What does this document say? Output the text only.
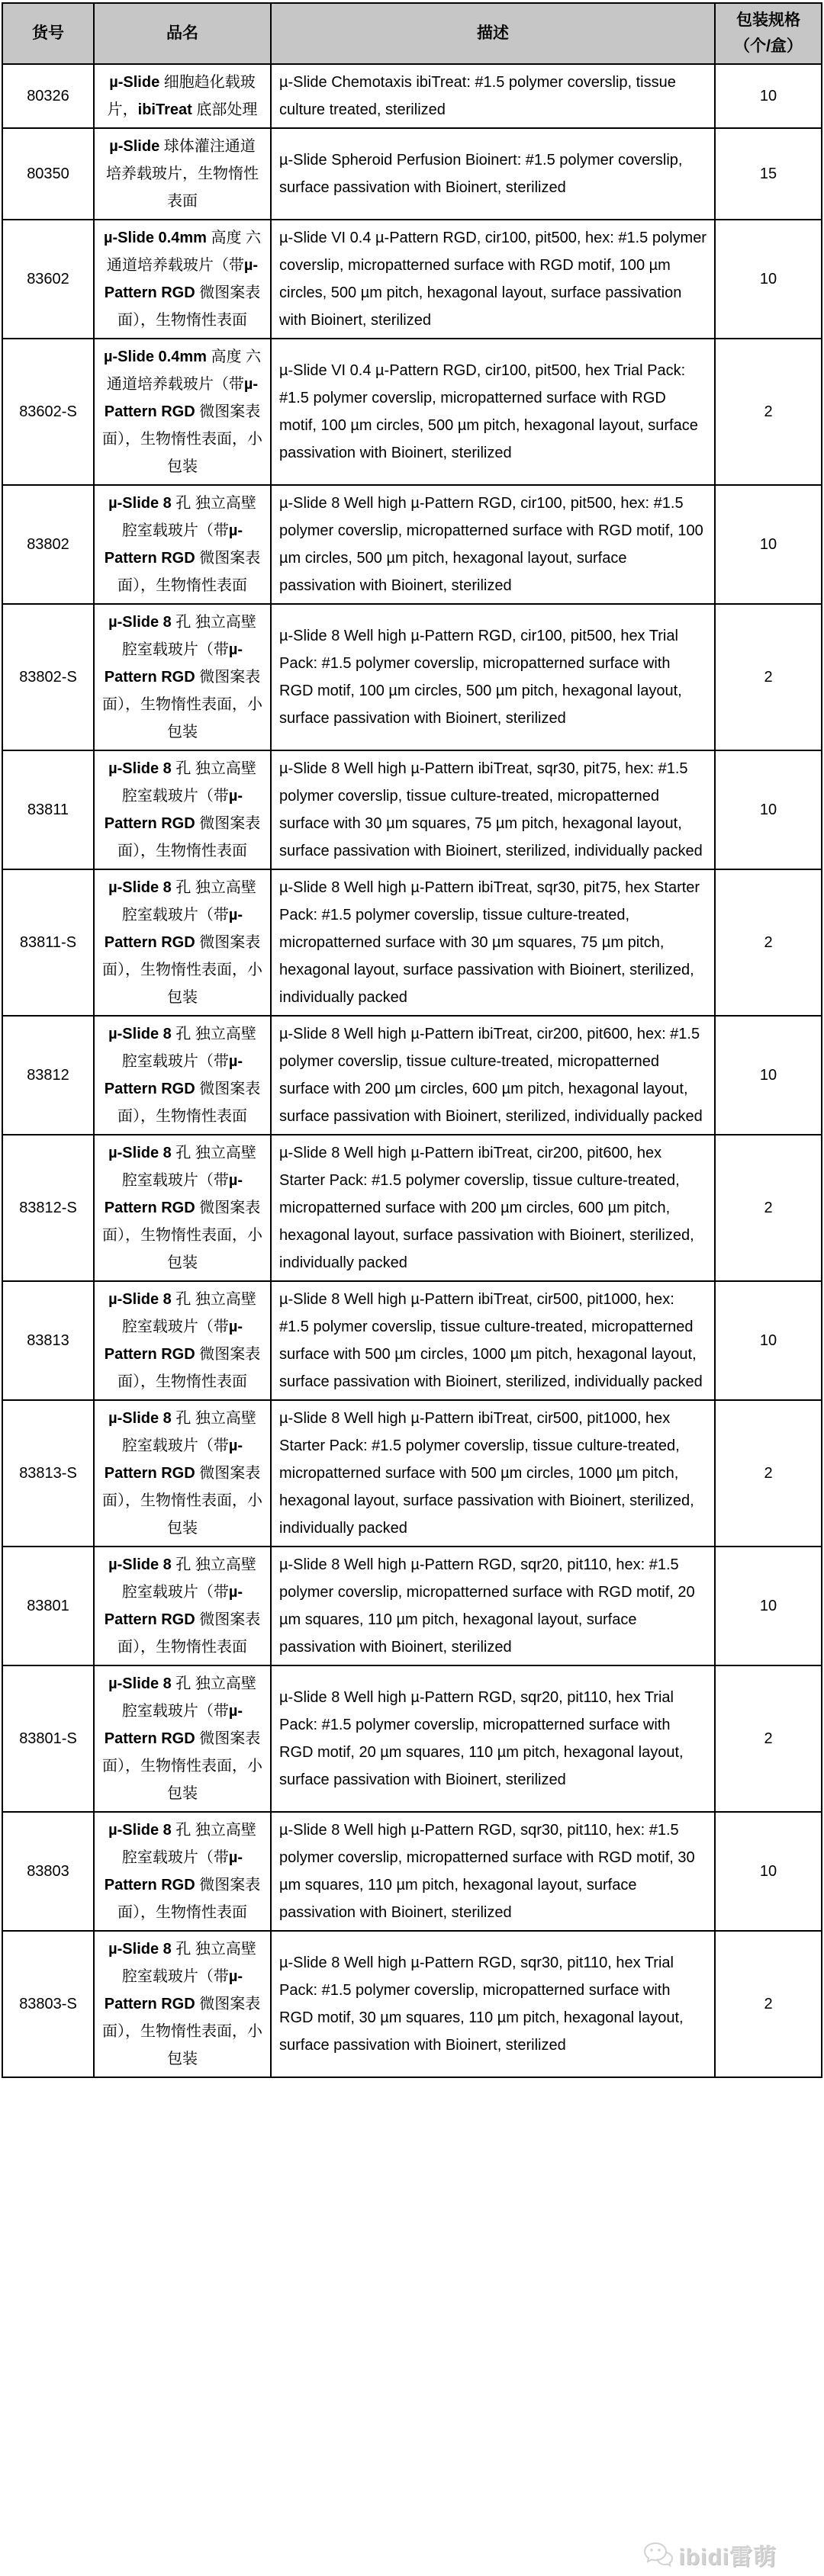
货号	品名	描述	包装规格
（个/盒）
80326	µ-Slide 细胞趋化载玻片，ibiTreat 底部处理	µ-Slide Chemotaxis ibiTreat: #1.5 polymer coverslip, tissue culture treated, sterilized	10
80350	µ-Slide 球体灌注通道培养载玻片，生物惰性表面	µ-Slide Spheroid Perfusion Bioinert: #1.5 polymer coverslip, surface passivation with Bioinert, sterilized	15
83602	µ-Slide 0.4mm 高度 六通道培养载玻片（带µ-Pattern RGD 微图案表面），生物惰性表面	µ-Slide VI 0.4 µ-Pattern RGD, cir100, pit500, hex: #1.5 polymer coverslip, micropatterned surface with RGD motif, 100 µm circles, 500 µm pitch, hexagonal layout, surface passivation with Bioinert, sterilized	10
83602-S	µ-Slide 0.4mm 高度 六通道培养载玻片（带µ-Pattern RGD 微图案表面），生物惰性表面，小包装	µ-Slide VI 0.4 µ-Pattern RGD, cir100, pit500, hex Trial Pack: #1.5 polymer coverslip, micropatterned surface with RGD motif, 100 µm circles, 500 µm pitch, hexagonal layout, surface passivation with Bioinert, sterilized	2
83802	µ-Slide 8 孔 独立高壁腔室载玻片（带µ-Pattern RGD 微图案表面），生物惰性表面	µ-Slide 8 Well high µ-Pattern RGD, cir100, pit500, hex: #1.5 polymer coverslip, micropatterned surface with RGD motif, 100 µm circles, 500 µm pitch, hexagonal layout, surface passivation with Bioinert, sterilized	10
83802-S	µ-Slide 8 孔 独立高壁腔室载玻片（带µ-Pattern RGD 微图案表面），生物惰性表面，小包装	µ-Slide 8 Well high µ-Pattern RGD, cir100, pit500, hex Trial Pack: #1.5 polymer coverslip, micropatterned surface with RGD motif, 100 µm circles, 500 µm pitch, hexagonal layout, surface passivation with Bioinert, sterilized	2
83811	µ-Slide 8 孔 独立高壁腔室载玻片（带µ-Pattern RGD 微图案表面），生物惰性表面	µ-Slide 8 Well high µ-Pattern ibiTreat, sqr30, pit75, hex: #1.5 polymer coverslip, tissue culture-treated, micropatterned surface with 30 µm squares, 75 µm pitch, hexagonal layout, surface passivation with Bioinert, sterilized, individually packed	10
83811-S	µ-Slide 8 孔 独立高壁腔室载玻片（带µ-Pattern RGD 微图案表面），生物惰性表面，小包装	µ-Slide 8 Well high µ-Pattern ibiTreat, sqr30, pit75, hex Starter Pack: #1.5 polymer coverslip, tissue culture-treated, micropatterned surface with 30 µm squares, 75 µm pitch, hexagonal layout, surface passivation with Bioinert, sterilized, individually packed	2
83812	µ-Slide 8 孔 独立高壁腔室载玻片（带µ-Pattern RGD 微图案表面），生物惰性表面	µ-Slide 8 Well high µ-Pattern ibiTreat, cir200, pit600, hex: #1.5 polymer coverslip, tissue culture-treated, micropatterned surface with 200 µm circles, 600 µm pitch, hexagonal layout, surface passivation with Bioinert, sterilized, individually packed	10
83812-S	µ-Slide 8 孔 独立高壁腔室载玻片（带µ-Pattern RGD 微图案表面），生物惰性表面，小包装	µ-Slide 8 Well high µ-Pattern ibiTreat, cir200, pit600, hex Starter Pack: #1.5 polymer coverslip, tissue culture-treated, micropatterned surface with 200 µm circles, 600 µm pitch, hexagonal layout, surface passivation with Bioinert, sterilized, individually packed	2
83813	µ-Slide 8 孔 独立高壁腔室载玻片（带µ-Pattern RGD 微图案表面），生物惰性表面	µ-Slide 8 Well high µ-Pattern ibiTreat, cir500, pit1000, hex: #1.5 polymer coverslip, tissue culture-treated, micropatterned surface with 500 µm circles, 1000 µm pitch, hexagonal layout, surface passivation with Bioinert, sterilized, individually packed	10
83813-S	µ-Slide 8 孔 独立高壁腔室载玻片（带µ-Pattern RGD 微图案表面），生物惰性表面，小包装	µ-Slide 8 Well high µ-Pattern ibiTreat, cir500, pit1000, hex Starter Pack: #1.5 polymer coverslip, tissue culture-treated, micropatterned surface with 500 µm circles, 1000 µm pitch, hexagonal layout, surface passivation with Bioinert, sterilized, individually packed	2
83801	µ-Slide 8 孔 独立高壁腔室载玻片（带µ-Pattern RGD 微图案表面），生物惰性表面	µ-Slide 8 Well high µ-Pattern RGD, sqr20, pit110, hex: #1.5 polymer coverslip, micropatterned surface with RGD motif, 20 µm squares, 110 µm pitch, hexagonal layout, surface passivation with Bioinert, sterilized	10
83801-S	µ-Slide 8 孔 独立高壁腔室载玻片（带µ-Pattern RGD 微图案表面），生物惰性表面，小包装	µ-Slide 8 Well high µ-Pattern RGD, sqr20, pit110, hex Trial Pack: #1.5 polymer coverslip, micropatterned surface with RGD motif, 20 µm squares, 110 µm pitch, hexagonal layout, surface passivation with Bioinert, sterilized	2
83803	µ-Slide 8 孔 独立高壁腔室载玻片（带µ-Pattern RGD 微图案表面），生物惰性表面	µ-Slide 8 Well high µ-Pattern RGD, sqr30, pit110, hex: #1.5 polymer coverslip, micropatterned surface with RGD motif, 30 µm squares, 110 µm pitch, hexagonal layout, surface passivation with Bioinert, sterilized	10
83803-S	µ-Slide 8 孔 独立高壁腔室载玻片（带µ-Pattern RGD 微图案表面），生物惰性表面，小包装	µ-Slide 8 Well high µ-Pattern RGD, sqr30, pit110, hex Trial Pack: #1.5 polymer coverslip, micropatterned surface with RGD motif, 30 µm squares, 110 µm pitch, hexagonal layout, surface passivation with Bioinert, sterilized	2
ibidi雷萌
